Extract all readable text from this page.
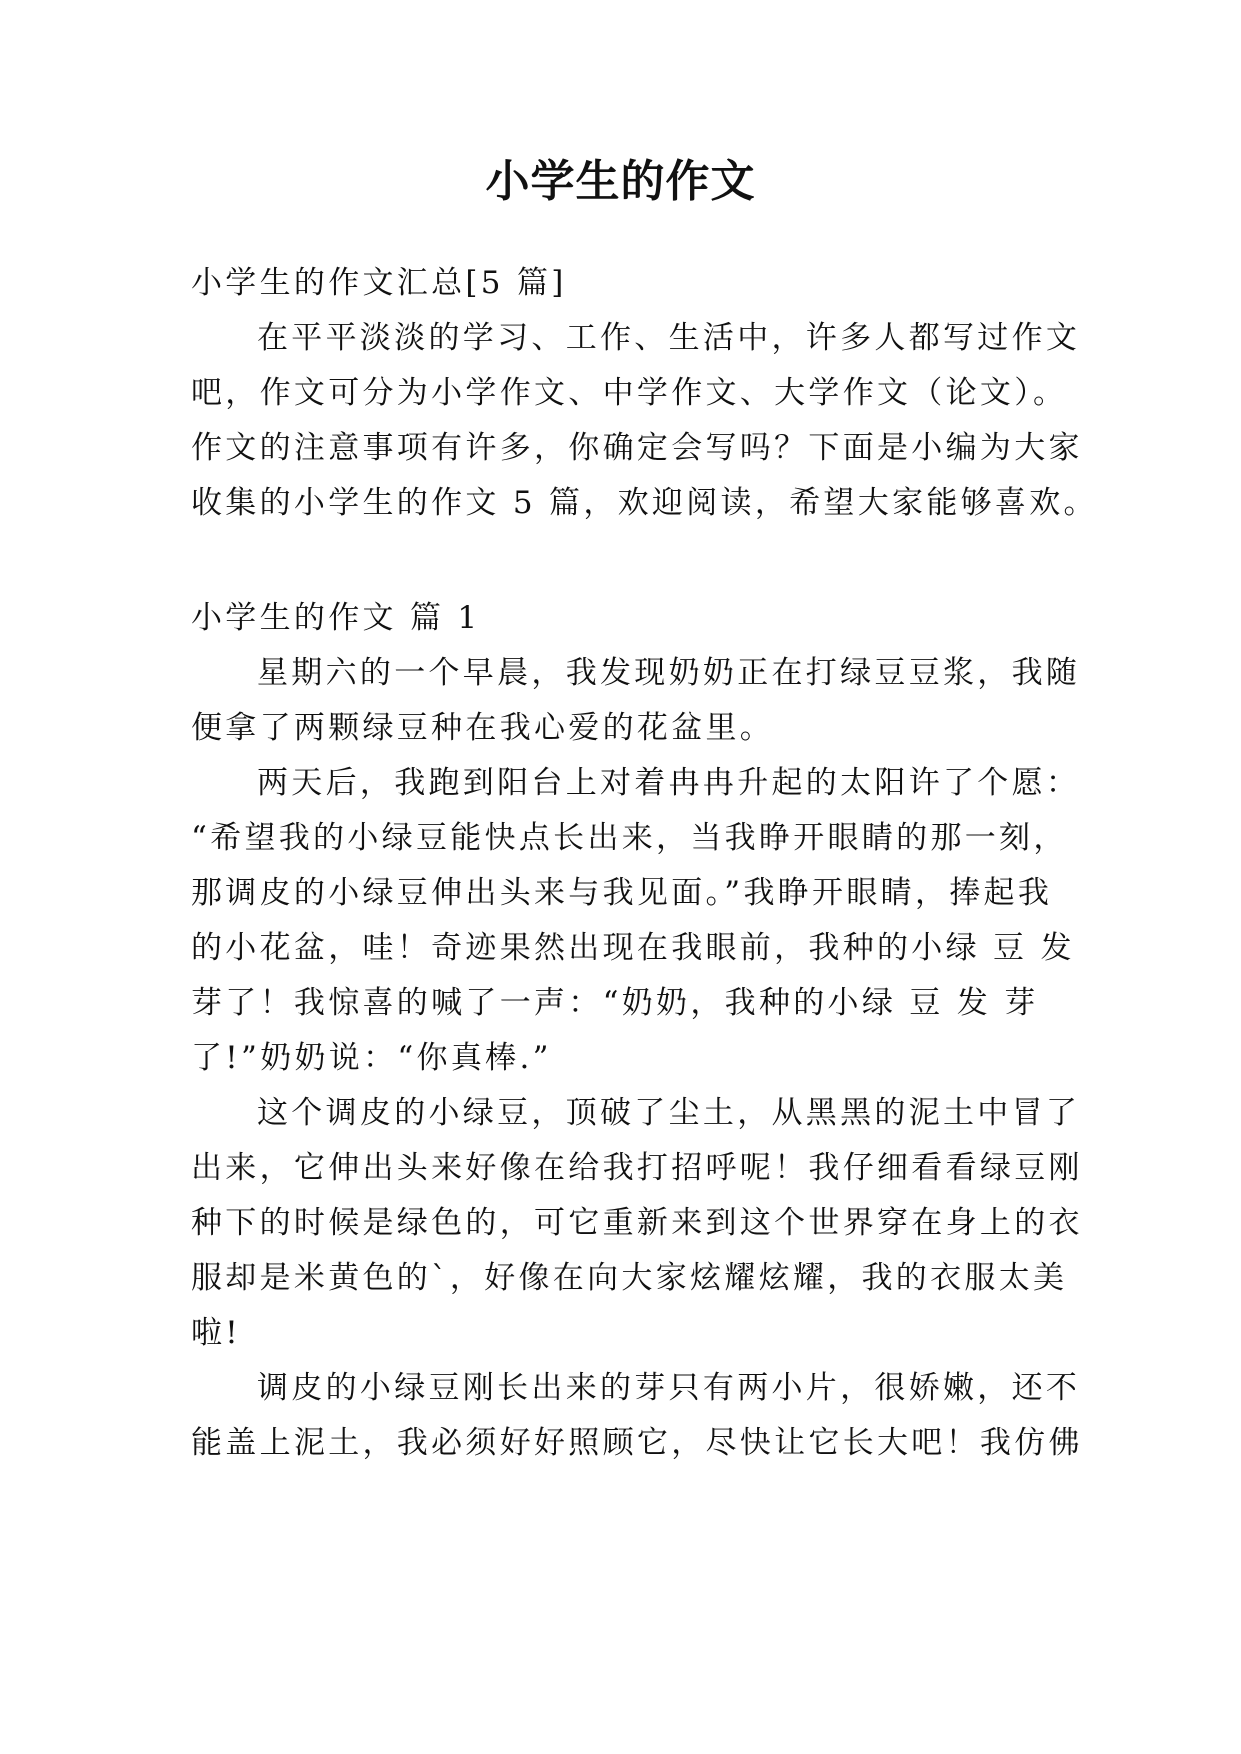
小学生的作文
小学生的作文汇总[5 篇]
在平平淡淡的学习、工作、生活中，许多人都写过作文
吧，作文可分为小学作文、中学作文、大学作文（论文）。
作文的注意事项有许多，你确定会写吗？下面是小编为大家
收集的小学生的作文 5 篇，欢迎阅读，希望大家能够喜欢。
小学生的作文 篇 1
星期六的一个早晨，我发现奶奶正在打绿豆豆浆，我随
便拿了两颗绿豆种在我心爱的花盆里。
两天后，我跑到阳台上对着冉冉升起的太阳许了个愿：
“希望我的小绿豆能快点长出来，当我睁开眼睛的那一刻，
那调皮的小绿豆伸出头来与我见面。”我睁开眼睛，捧起我
的小花盆，哇！奇迹果然出现在我眼前，我种的小绿 豆 发
芽了！我惊喜的喊了一声：“奶奶，我种的小绿 豆 发 芽
了!”奶奶说：“你真棒.”
这个调皮的小绿豆，顶破了尘土，从黑黑的泥土中冒了
出来，它伸出头来好像在给我打招呼呢！我仔细看看绿豆刚
种下的时候是绿色的，可它重新来到这个世界穿在身上的衣
服却是米黄色的`，好像在向大家炫耀炫耀，我的衣服太美
啦!
调皮的小绿豆刚长出来的芽只有两小片，很娇嫩，还不
能盖上泥土，我必须好好照顾它，尽快让它长大吧！我仿佛
